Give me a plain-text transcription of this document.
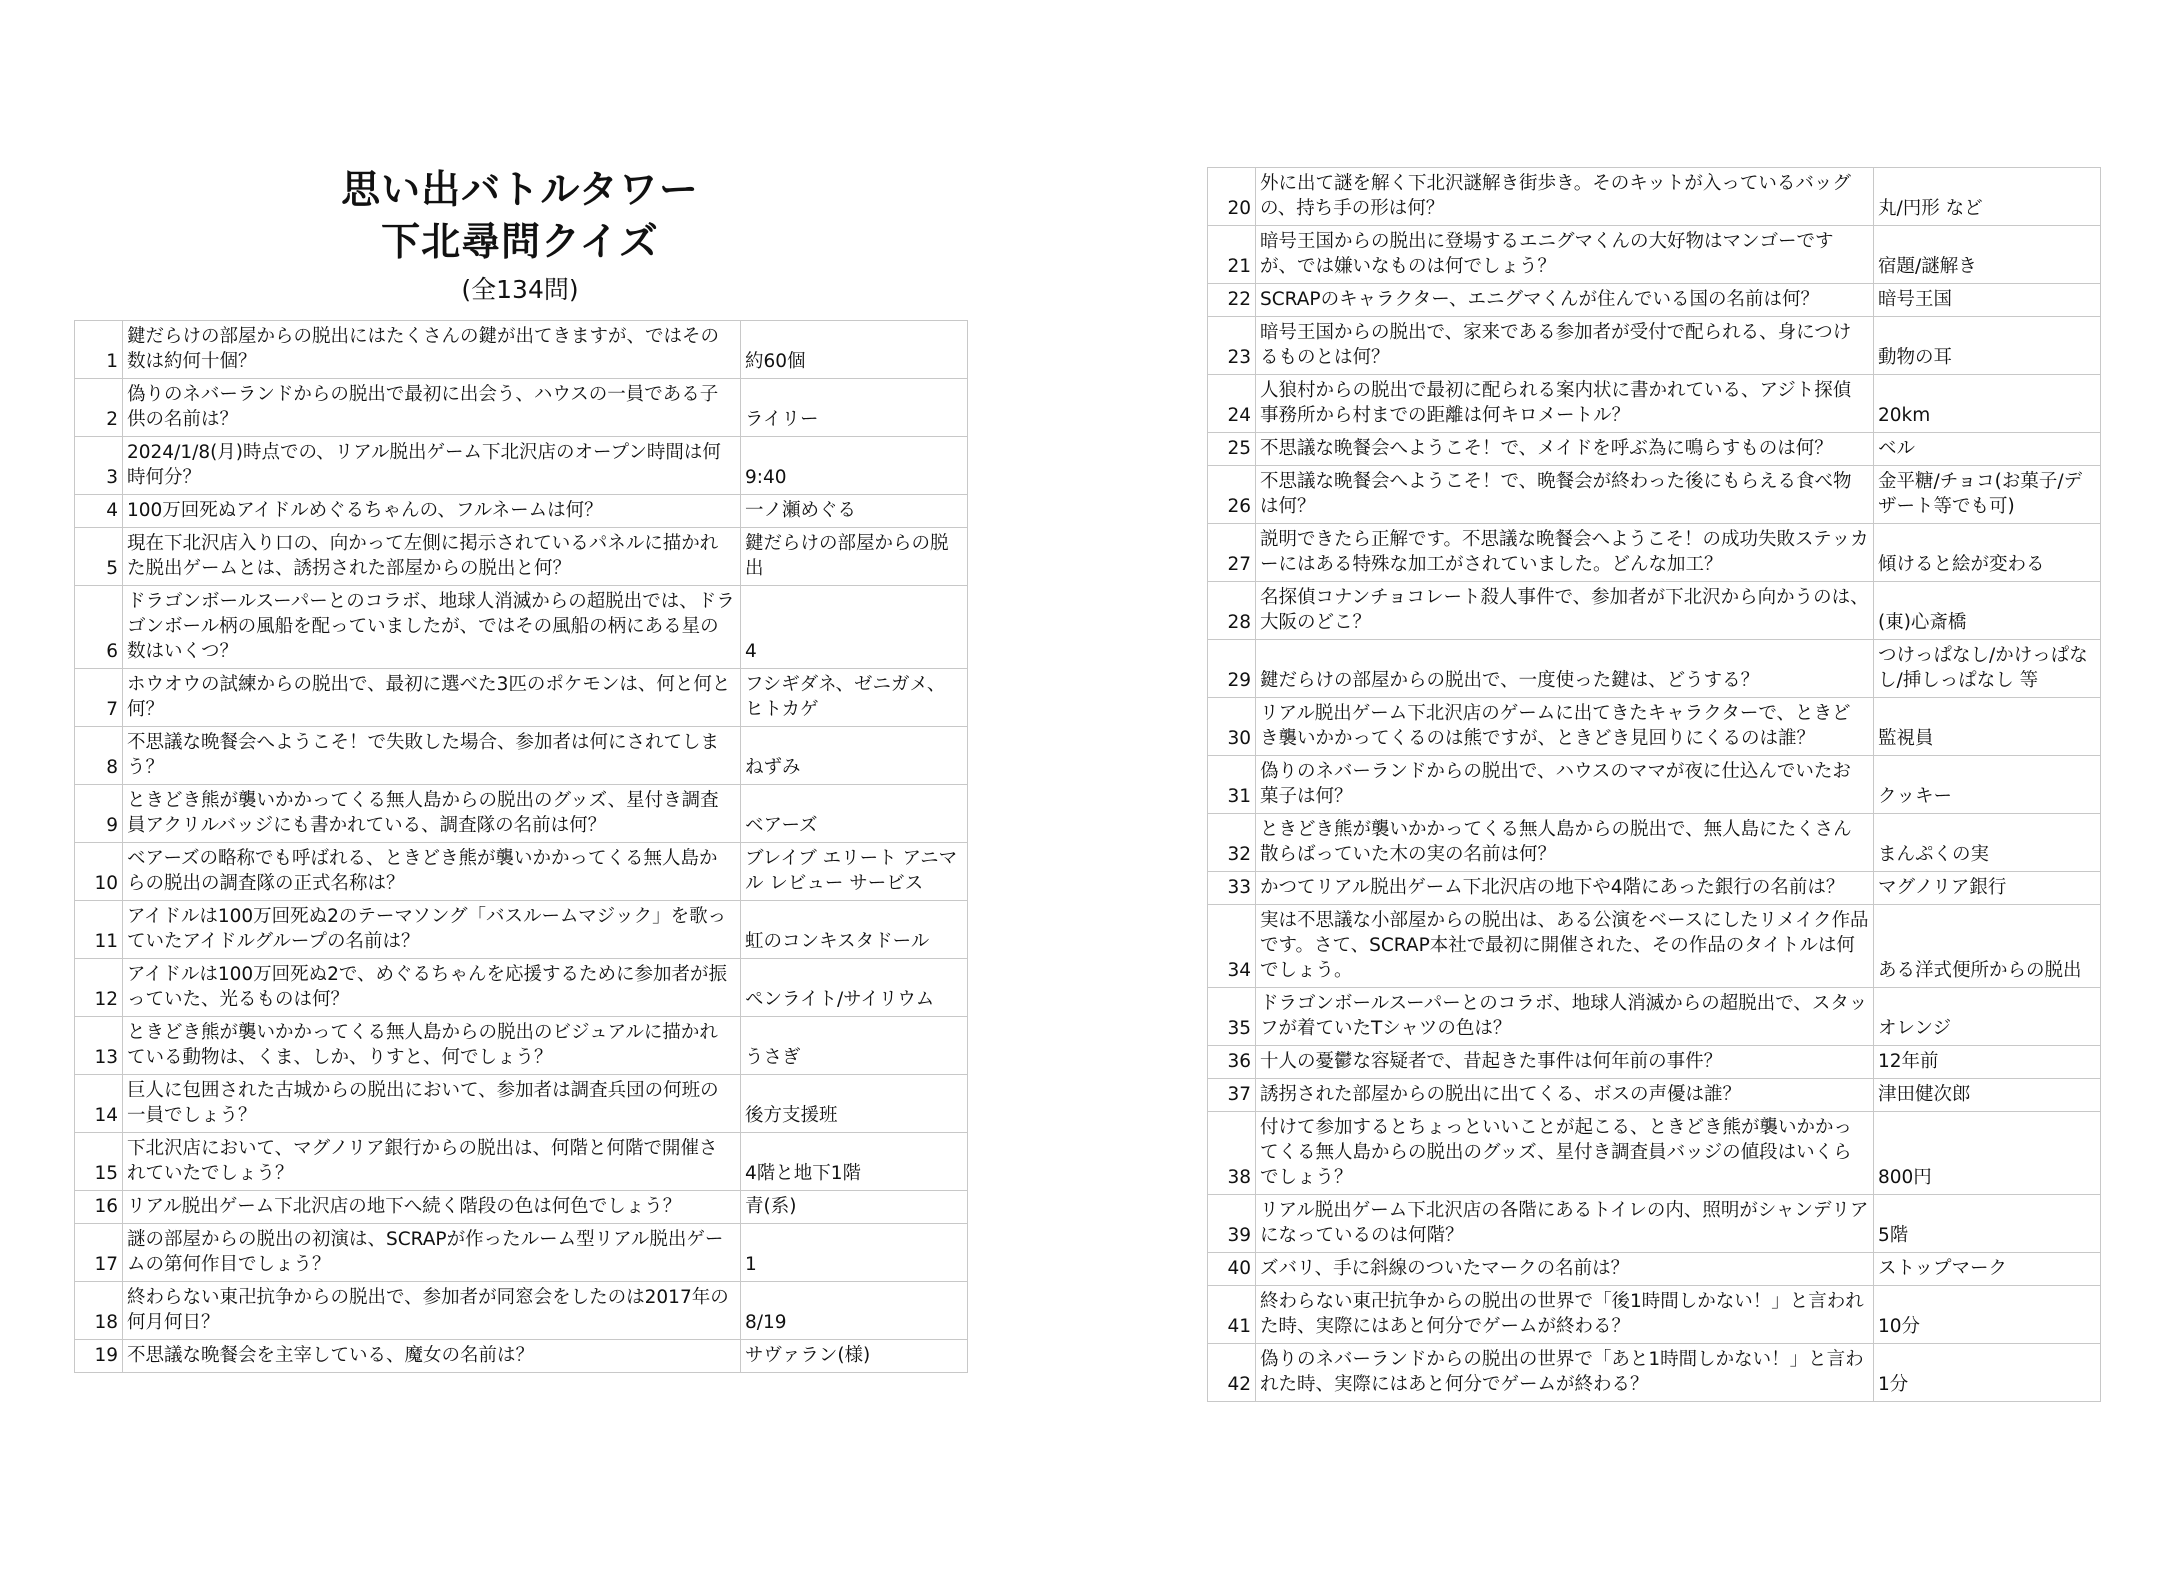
思い出バトルタワー
下北尋問クイズ
(全134問)
1	鍵だらけの部屋からの脱出にはたくさんの鍵が出てきますが、ではその数は約何十個？	約60個
2	偽りのネバーランドからの脱出で最初に出会う、ハウスの一員である子供の名前は？	ライリー
3	2024/1/8(月)時点での、リアル脱出ゲーム下北沢店のオープン時間は何時何分？	9:40
4	100万回死ぬアイドルめぐるちゃんの、フルネームは何？	一ノ瀬めぐる
5	現在下北沢店入り口の、向かって左側に掲示されているパネルに描かれた脱出ゲームとは、誘拐された部屋からの脱出と何？	鍵だらけの部屋からの脱出
6	ドラゴンボールスーパーとのコラボ、地球人消滅からの超脱出では、ドラゴンボール柄の風船を配っていましたが、ではその風船の柄にある星の数はいくつ？	4
7	ホウオウの試練からの脱出で、最初に選べた3匹のポケモンは、何と何と何？	フシギダネ、ゼニガメ、ヒトカゲ
8	不思議な晩餐会へようこそ！で失敗した場合、参加者は何にされてしまう？	ねずみ
9	ときどき熊が襲いかかってくる無人島からの脱出のグッズ、星付き調査員アクリルバッジにも書かれている、調査隊の名前は何？	ベアーズ
10	ベアーズの略称でも呼ばれる、ときどき熊が襲いかかってくる無人島からの脱出の調査隊の正式名称は？	ブレイブ エリート アニマル レビュー サービス
11	アイドルは100万回死ぬ2のテーマソング「バスルームマジック」を歌っていたアイドルグループの名前は？	虹のコンキスタドール
12	アイドルは100万回死ぬ2で、めぐるちゃんを応援するために参加者が振っていた、光るものは何？	ペンライト/サイリウム
13	ときどき熊が襲いかかってくる無人島からの脱出のビジュアルに描かれている動物は、くま、しか、りすと、何でしょう？	うさぎ
14	巨人に包囲された古城からの脱出において、参加者は調査兵団の何班の一員でしょう？	後方支援班
15	下北沢店において、マグノリア銀行からの脱出は、何階と何階で開催されていたでしょう？	4階と地下1階
16	リアル脱出ゲーム下北沢店の地下へ続く階段の色は何色でしょう？	青(系)
17	謎の部屋からの脱出の初演は、SCRAPが作ったルーム型リアル脱出ゲームの第何作目でしょう？	1
18	終わらない東卍抗争からの脱出で、参加者が同窓会をしたのは2017年の何月何日？	8/19
19	不思議な晩餐会を主宰している、魔女の名前は？	サヴァラン(様)
20	外に出て謎を解く下北沢謎解き街歩き。そのキットが入っているバッグの、持ち手の形は何？	丸/円形 など
21	暗号王国からの脱出に登場するエニグマくんの大好物はマンゴーですが、では嫌いなものは何でしょう？	宿題/謎解き
22	SCRAPのキャラクター、エニグマくんが住んでいる国の名前は何？	暗号王国
23	暗号王国からの脱出で、家来である参加者が受付で配られる、身につけるものとは何？	動物の耳
24	人狼村からの脱出で最初に配られる案内状に書かれている、アジト探偵事務所から村までの距離は何キロメートル？	20km
25	不思議な晩餐会へようこそ！で、メイドを呼ぶ為に鳴らすものは何？	ベル
26	不思議な晩餐会へようこそ！で、晩餐会が終わった後にもらえる食べ物は何？	金平糖/チョコ(お菓子/デザート等でも可)
27	説明できたら正解です。不思議な晩餐会へようこそ！の成功失敗ステッカーにはある特殊な加工がされていました。どんな加工？	傾けると絵が変わる
28	名探偵コナンチョコレート殺人事件で、参加者が下北沢から向かうのは、大阪のどこ？	(東)心斎橋
29	鍵だらけの部屋からの脱出で、一度使った鍵は、どうする？	つけっぱなし/かけっぱなし/挿しっぱなし 等
30	リアル脱出ゲーム下北沢店のゲームに出てきたキャラクターで、ときどき襲いかかってくるのは熊ですが、ときどき見回りにくるのは誰？	監視員
31	偽りのネバーランドからの脱出で、ハウスのママが夜に仕込んでいたお菓子は何？	クッキー
32	ときどき熊が襲いかかってくる無人島からの脱出で、無人島にたくさん散らばっていた木の実の名前は何？	まんぷくの実
33	かつてリアル脱出ゲーム下北沢店の地下や4階にあった銀行の名前は？	マグノリア銀行
34	実は不思議な小部屋からの脱出は、ある公演をベースにしたリメイク作品です。さて、SCRAP本社で最初に開催された、その作品のタイトルは何でしょう。	ある洋式便所からの脱出
35	ドラゴンボールスーパーとのコラボ、地球人消滅からの超脱出で、スタッフが着ていたTシャツの色は？	オレンジ
36	十人の憂鬱な容疑者で、昔起きた事件は何年前の事件？	12年前
37	誘拐された部屋からの脱出に出てくる、ボスの声優は誰？	津田健次郎
38	付けて参加するとちょっといいことが起こる、ときどき熊が襲いかかってくる無人島からの脱出のグッズ、星付き調査員バッジの値段はいくらでしょう？	800円
39	リアル脱出ゲーム下北沢店の各階にあるトイレの内、照明がシャンデリアになっているのは何階？	5階
40	ズバリ、手に斜線のついたマークの名前は？	ストップマーク
41	終わらない東卍抗争からの脱出の世界で「後1時間しかない！」と言われた時、実際にはあと何分でゲームが終わる？	10分
42	偽りのネバーランドからの脱出の世界で「あと1時間しかない！」と言われた時、実際にはあと何分でゲームが終わる？	1分
